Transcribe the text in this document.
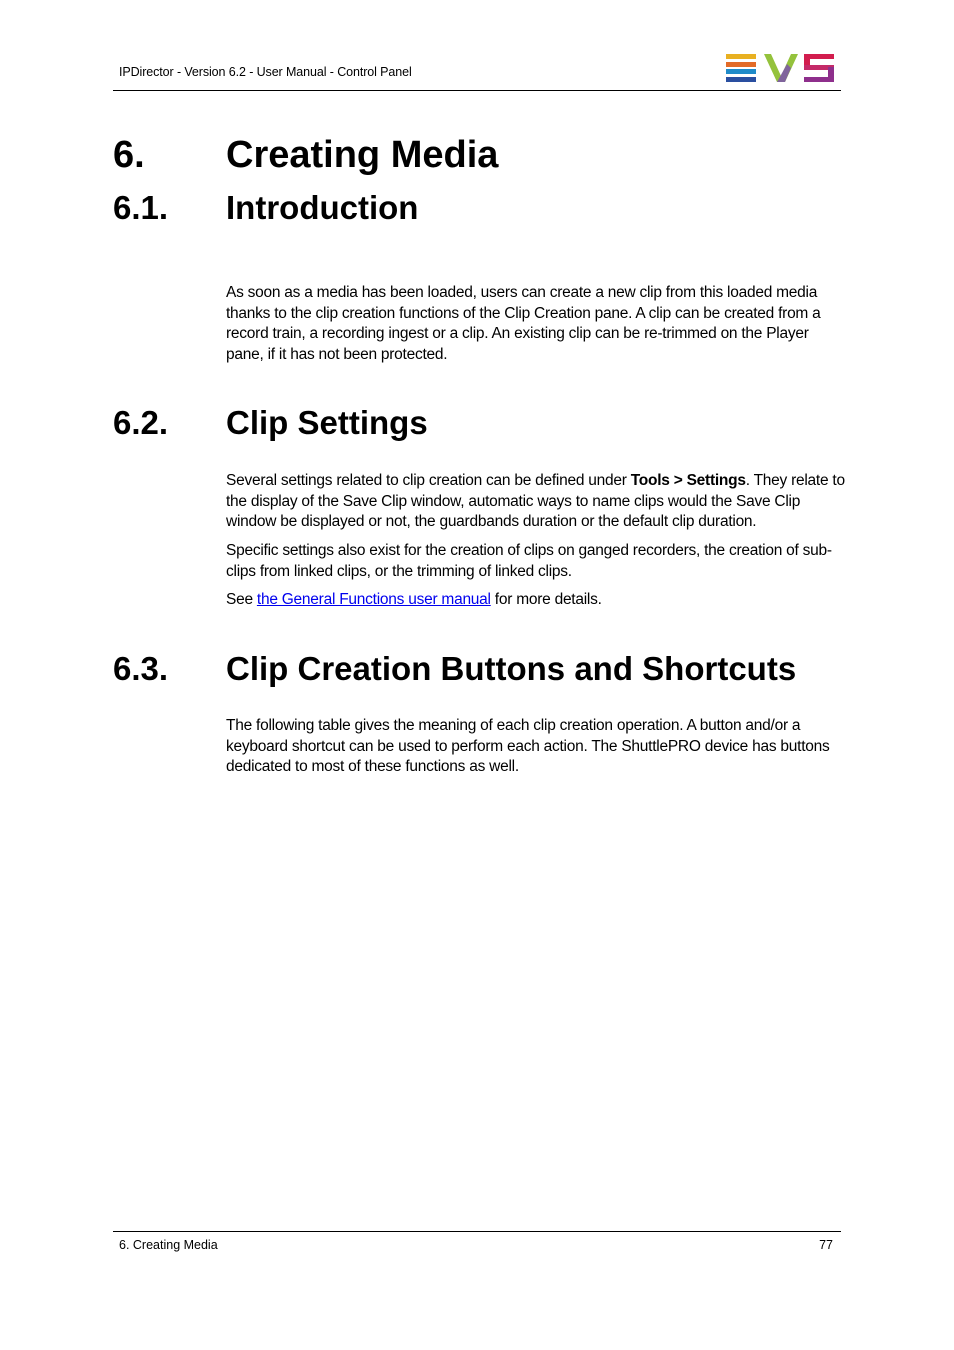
IPDirector - Version 6.2 - User Manual - Control Panel
6. Creating Media
6.1. Introduction
As soon as a media has been loaded, users can create a new clip from this loaded media thanks to the clip creation functions of the Clip Creation pane. A clip can be created from a record train, a recording ingest or a clip. An existing clip can be re-trimmed on the Player pane, if it has not been protected.
6.2. Clip Settings
Several settings related to clip creation can be defined under Tools > Settings. They relate to the display of the Save Clip window, automatic ways to name clips would the Save Clip window be displayed or not, the guardbands duration or the default clip duration.
Specific settings also exist for the creation of clips on ganged recorders, the creation of sub-clips from linked clips, or the trimming of linked clips.
See the General Functions user manual for more details.
6.3. Clip Creation Buttons and Shortcuts
The following table gives the meaning of each clip creation operation. A button and/or a keyboard shortcut can be used to perform each action. The ShuttlePRO device has buttons dedicated to most of these functions as well.
6. Creating Media	77
